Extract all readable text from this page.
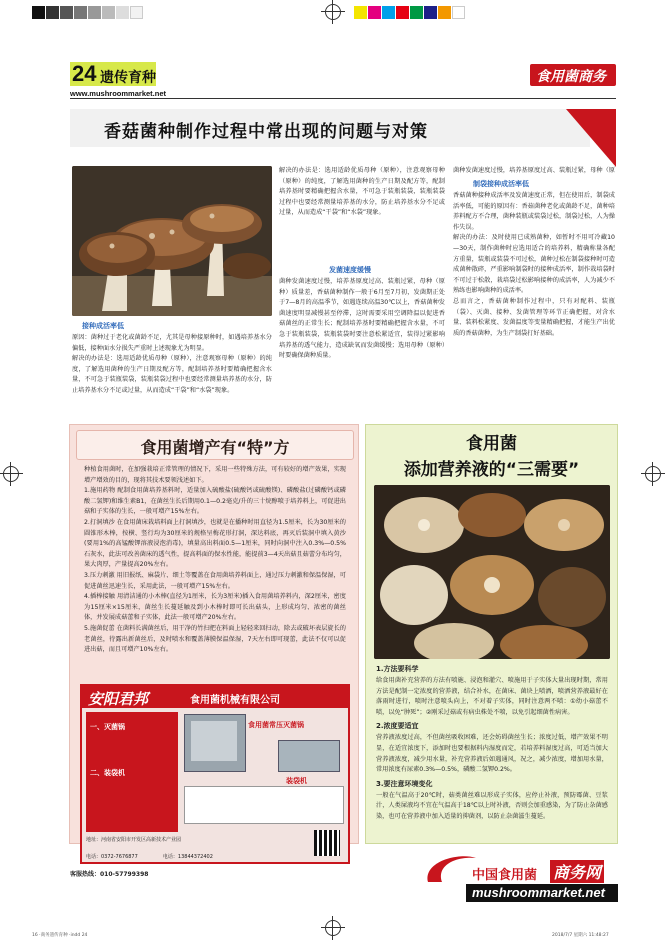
24 遗传育种
www.mushroommarket.net
食用菌商务
香菇菌种制作过程中常出现的问题与对策

接种成活率低

原因：菌种过于老化或菌龄不足，尤其是母种接原种时，如遇培养基水分偏低，接种面水分损失严重时上述现象尤为明显。

解决的办法是：选用适龄优质母种（原种），注意观察母种（原种）的纯度，了解选用菌种的生产日期及配方等，配制培养基时要精确把握含水量，不可急于装瓶装袋，装瓶装袋过程中也要经常测量培养基的水分，防止培养基水分不足或过量，从而造成“干袋”和“水袋”现象。

解决的办法是：选用适龄优质母种（原种），注意观察母种（原种）的纯度，了解选用菌种的生产日期及配方等，配制培养基时要精确把握含水量，不可急于装瓶装袋，装瓶装袋过程中也要经常测量培养基的水分，防止培养基水分不足或过量，从而造成“干袋”和“水袋”现象。

发菌速度缓慢

菌种发菌速度过慢，培养基原度过高、装瓶过紧，母种（原种）质量差，香菇菌种制作一般于6月至7月初，发菌期正处于7—8月的高温季节，如遇连续高温30℃以上，香菇菌种发菌速度明显减慢甚至停滞，这时需要采用空调降温以促进香菇菌丝的正常生长；配制培养基时要精确把握含水量，不可急于装瓶装袋，装瓶装袋时要注意松紧适宜，装得过紧影响培养基的透气能力，造成缺氧而发菌缓慢；选用母种（原种）时要确保菌种质量。

菌种发菌速度过慢，培养基原度过高、装瓶过紧，母种（原

制袋接种成活率低

香菇菌种接种成活率及发菌速度正常，但在使用后，制袋成活率低，可能的原因有：香菇菌种老化或菌龄不足，菌种培养料配方不合理，菌种装瓶或装袋过松，制袋过松，人为操作失误。

解决的办法：及时使用已成熟菌种，如暂时不用可冷藏10—30天，制作菌种时应选用适合的培养料，精确称量各配方重量，装瓶或装袋不可过松，菌种过松在制袋接种时可造成菌种散碎，严重影响制袋时的接种成活率，制作栽培袋时不可过于松散，栽培袋过松影响接种的成活率，人为减少不熟练也影响菌种的成活率。

总而言之，香菇菌种制作过程中，只有对配料、装瓶（袋）、灭菌、接种、发菌管理等环节正确把握，对含水量、装料松紧度、发菌温度等变量精确把握，才能生产出优质的香菇菌种，为生产制袋打好基础。

食用菌增产有“特”方

种植食用菌时，在加强栽培正常管理的情况下，采用一些特殊方法，可有较好的增产效果，实现增产增效的目的，现将其技术要领浅述如下。

1.施用药物 配制食用菌培养基料时，适量加入硫酸盐(硫酸钙或硫酸镁)、磷酸盐(过磷酸钙或磷酸二氢钾)和维生素B1，在菌丝生长后期用0.1—0.2毫克/升的三十烷醇喷于培养料上，可促进出菇和子实体的生长，一般可增产15%左右。

2.打洞填沙 在食用菌床栽培料面上打洞填沙，也就是在播种时用直径为1.5厘米，长为30厘米的圆锥形木棒，按横、竖行均为30厘米的规格呈梅花形打洞，深达料底，再灭后装洞中填入黄沙(要用1%的高锰酸钾溶液浸泡消毒)，填量高出料面0.5—1厘米，同时向洞中注入0.3%—0.5%石灰水，此法可改善菌床的透气性，提高料面的保水性能，能提前3—4天出菇且菇蕾分布均匀，果大肉厚，产量提高20%左右。

3.压力刺激 用旧报纸、麻袋片、细土等覆盖在食用菌培养料面上，通过压力刺激和保温保湿，可促进菌丝迅速生长，采用此法，一般可增产15%左右。

4.插棒接触 用清洁通的小木棒(直径为1厘米，长为3厘米)插入食用菌培养料内，深2厘米，密度为15厘米×15厘米，菌丝生长蔓延触及到小木棒时即可长出菇头，上形成均匀、浓密的菌丝体，并发展成菇蕾和子实体，此法一般可增产20%左右。

5.施菌促蕾 在菌料长满菌丝后，用干净的竹扫把在料面上轻轻来回扫动，除去或破坏表层旋长的老菌丝，待露出新菌丝后，及时喷水和覆盖薄膜保温保湿，7天左右即可现蕾，此法不仅可以促进出菇，而且可增产10%左右。

安阳君邦	食用菌机械有限公司
一、灭菌锅
二、装袋机
食用菌常压灭菌锅
装袋机
地址：河南省安阳市开发区高新技术产业园
电话：0372-7676877	电话：13844372402
食用菌
添加营养液的“三需要”

1.方法要科学

给食用菌补充营养的方法有喷施、浸泡和灌穴、喷施用于子实体大量出现时期，常用方法是配制一定浓度的营养液，结合补水，在菌床、菌块上喷洒，喷洒营养液最好在落雨时进行，喷时注意喷头向上，不对着子实体，同时注意两不喷：①幼小菇蕾不喷，以免“肿死”；②刚采过菇或有病虫株处不喷，以免引起细菌性病害。

2.浓度要适宜

营养液浓度过高，不但菌丝吸收困难，还会妨碍菌丝生长；浓度过低，增产效果不明显，在适宜浓度下，添加时也要根据料内湿度而定，若培养料湿度过高，可适当加大营养液浓度，减少用水量，补充营养液后如遇通风，况之，减少浓度，增加用水量，常用浓度有尿素0.3%—0.5%，磷酸二氢钾0.2%。

3.要注意环境变化

一般在气温高于20℃时，菇类菌丝难以形成子实体，应停止补液，预防霉菌、豆浆汁，人类屎液均不宜在气温高于18℃以上时补液，否则会加重感染，为了防止杂菌感染，也可在营养液中加入适量的抑菌剂，以防止杂菌滋生蔓延。

客服热线：010-57799398	中国食用菌 商务网
mushroommarket.net
16 ·商务遗传育种 ·indd 24	2018/7/7 星期六 11:48:27
